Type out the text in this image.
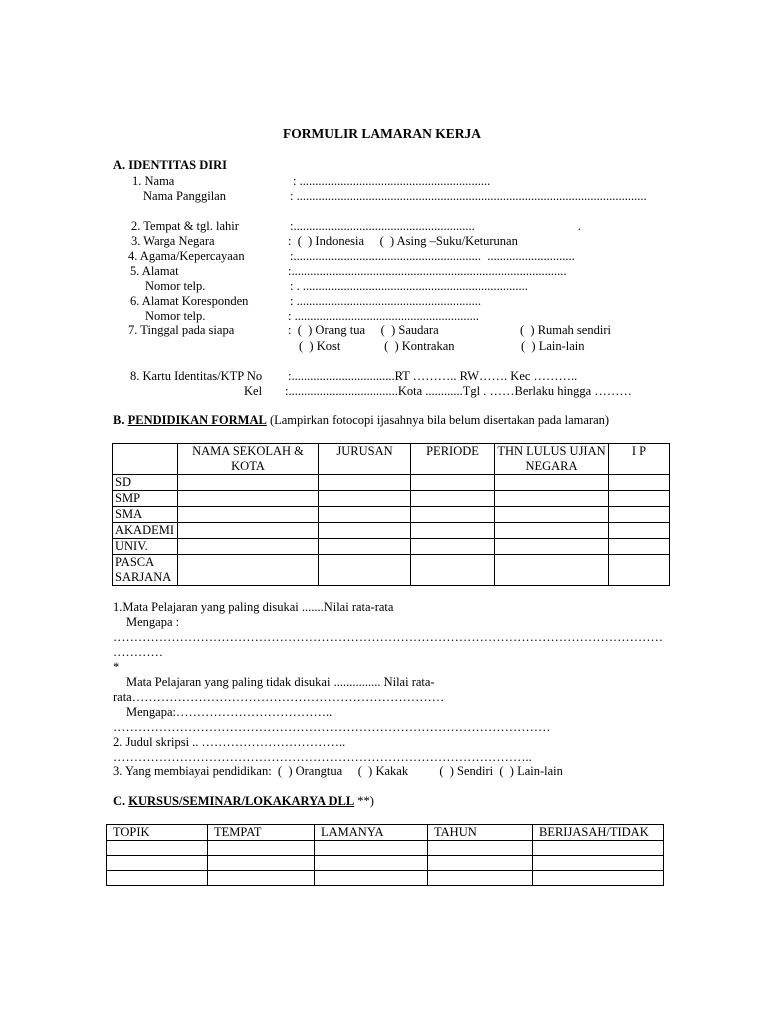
FORMULIR LAMARAN KERJA
A. IDENTITAS DIRI
1. Nama	: .............................................................
Nama Panggilan	: ................................................................................................................
2. Tempat & tgl. lahir	:..........................................................                                 .
3. Warga Negara	:  (  ) Indonesia     (  ) Asing –Suku/Keturunan
4. Agama/Kepercayaan	:............................................................  ............................
5. Alamat	:........................................................................................
Nomor telp.	: . ........................................................................
6. Alamat Koresponden	: ...........................................................
Nomor telp.	: ...........................................................
7. Tinggal pada siapa	:  (  ) Orang tua     (  ) Saudara	(  ) Rumah sendiri
(  ) Kost              (  ) Kontrakan	(  ) Lain-lain
8. Kartu Identitas/KTP No :.................................RT ……….. RW……. Kec ………..
Kel :...................................Kota ............Tgl . ……Berlaku hingga ………
B. PENDIDIKAN FORMAL (Lampirkan fotocopi ijasahnya bila belum disertakan pada lamaran)
	NAMA SEKOLAH & KOTA	JURUSAN	PERIODE	THN LULUS UJIAN NEGARA	I P
SD					
SMP					
SMA					
AKADEMI					
UNIV.					
PASCA SARJANA					
1.Mata Pelajaran yang paling disukai .......Nilai rata-rata
Mengapa :
……………………………………………………………………………………………………………………
…………
*
Mata Pelajaran yang paling tidak disukai ............... Nilai rata-
rata…………………………………………………………………
Mengapa:………………………………..
……………………………………………………………………………………………
2. Judul skripsi .. ……………………………..
………………………………………………………………………………………..
3. Yang membiayai pendidikan:  (  ) Orangtua     (  ) Kakak          (  ) Sendiri  (  ) Lain-lain
C. KURSUS/SEMINAR/LOKAKARYA DLL **)
TOPIK	TEMPAT	LAMANYA	TAHUN	BERIJASAH/TIDAK
